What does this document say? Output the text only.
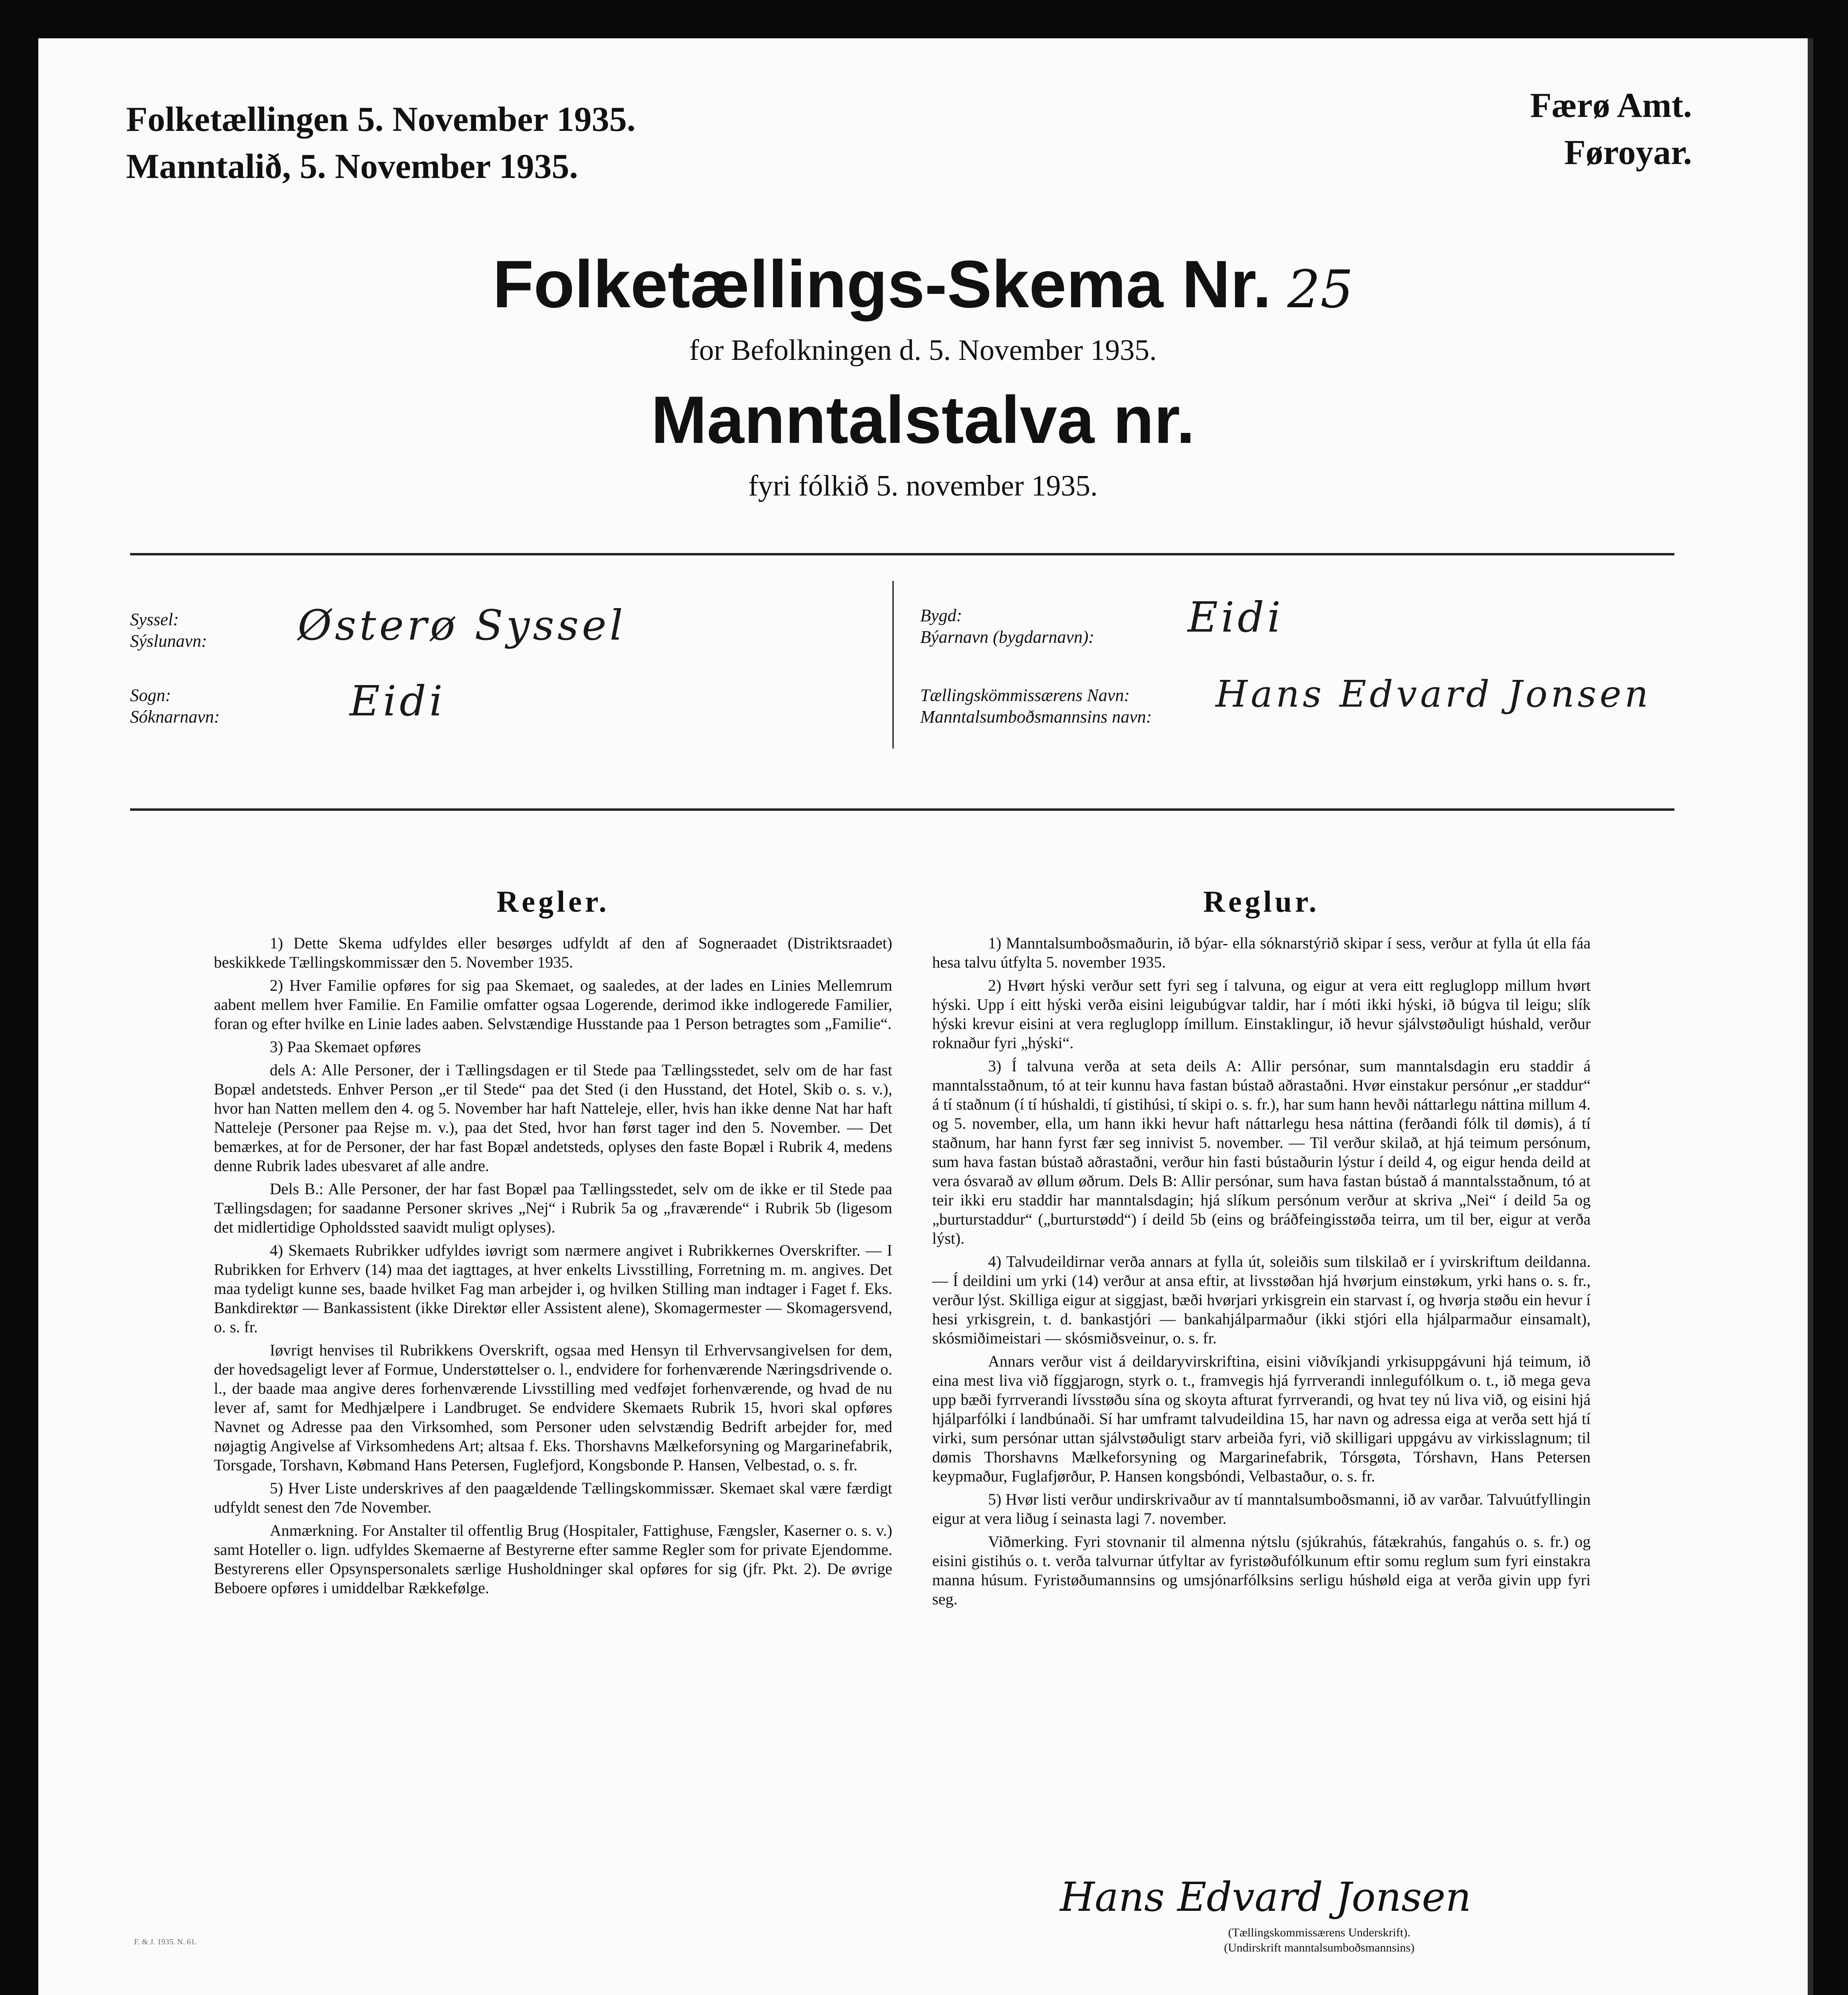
Folketællingen 5. November 1935.
Manntalið, 5. November 1935.
Færø Amt.
Føroyar.
Folketællings-Skema Nr. 25
for Befolkningen d. 5. November 1935.
Manntalstalva nr.
fyri fólkið 5. november 1935.
Syssel:
Sýslunavn: Østerø Syssel
Sogn:
Sóknarnavn:	Eidi
Bygd:
Býarnavn (bygdarnavn): Eidi
Tællingskömmissærens Navn:
Manntalsumboðsmannsins navn:
Hans Edvard Jonsen
Regler.

1) Dette Skema udfyldes eller besørges udfyldt af den af Sogneraadet (Distriktsraadet) beskikkede Tællingskommissær den 5. November 1935.

2) Hver Familie opføres for sig paa Skemaet, og saaledes, at der lades en Linies Mellemrum aabent mellem hver Familie. En Familie omfatter ogsaa Logerende, derimod ikke indlogerede Familier, foran og efter hvilke en Linie lades aaben. Selvstændige Husstande paa 1 Person betragtes som „Familie“.

3) Paa Skemaet opføres

dels A: Alle Personer, der i Tællingsdagen er til Stede paa Tællingsstedet, selv om de har fast Bopæl andetsteds. Enhver Person „er til Stede“ paa det Sted (i den Husstand, det Hotel, Skib o. s. v.), hvor han Natten mellem den 4. og 5. November har haft Natteleje, eller, hvis han ikke denne Nat har haft Natteleje (Personer paa Rejse m. v.), paa det Sted, hvor han først tager ind den 5. November. — Det bemærkes, at for de Personer, der har fast Bopæl andetsteds, oplyses den faste Bopæl i Rubrik 4, medens denne Rubrik lades ubesvaret af alle andre.

Dels B.: Alle Personer, der har fast Bopæl paa Tællingsstedet, selv om de ikke er til Stede paa Tællingsdagen; for saadanne Personer skrives „Nej“ i Rubrik 5a og „fraværende“ i Rubrik 5b (ligesom det midlertidige Opholdssted saavidt muligt oplyses).

4) Skemaets Rubrikker udfyldes iøvrigt som nærmere angivet i Rubrikkernes Overskrifter. — I Rubrikken for Erhverv (14) maa det iagttages, at hver enkelts Livsstilling, Forretning m. m. angives. Det maa tydeligt kunne ses, baade hvilket Fag man arbejder i, og hvilken Stilling man indtager i Faget f. Eks. Bankdirektør — Bankassistent (ikke Direktør eller Assistent alene), Skomagermester — Skomagersvend, o. s. fr.

Iøvrigt henvises til Rubrikkens Overskrift, ogsaa med Hensyn til Erhvervsangivelsen for dem, der hovedsageligt lever af Formue, Understøttelser o. l., endvidere for forhenværende Næringsdrivende o. l., der baade maa angive deres forhenværende Livsstilling med vedføjet forhenværende, og hvad de nu lever af, samt for Medhjælpere i Landbruget. Se endvidere Skemaets Rubrik 15, hvori skal opføres Navnet og Adresse paa den Virksomhed, som Personer uden selvstændig Bedrift arbejder for, med nøjagtig Angivelse af Virksomhedens Art; altsaa f. Eks. Thorshavns Mælkeforsyning og Margarinefabrik, Torsgade, Torshavn, Købmand Hans Petersen, Fuglefjord, Kongsbonde P. Hansen, Velbestad, o. s. fr.

5) Hver Liste underskrives af den paagældende Tællingskommissær. Skemaet skal være færdigt udfyldt senest den 7de November.

Anmærkning. For Anstalter til offentlig Brug (Hospitaler, Fattighuse, Fængsler, Kaserner o. s. v.) samt Hoteller o. lign. udfyldes Skemaerne af Bestyrerne efter samme Regler som for private Ejendomme. Bestyrerens eller Opsynspersonalets særlige Husholdninger skal opføres for sig (jfr. Pkt. 2). De øvrige Beboere opføres i umiddelbar Rækkefølge.

Reglur.

1) Manntalsumboðsmaðurin, ið býar- ella sóknarstýrið skipar í sess, verður at fylla út ella fáa hesa talvu útfylta 5. november 1935.

2) Hvørt hýski verður sett fyri seg í talvuna, og eigur at vera eitt regluglopp millum hvørt hýski. Upp í eitt hýski verða eisini leigubúgvar taldir, har í móti ikki hýski, ið búgva til leigu; slík hýski krevur eisini at vera regluglopp ímillum. Einstaklingur, ið hevur sjálvstøðuligt húshald, verður roknaður fyri „hýski“.

3) Í talvuna verða at seta deils A: Allir persónar, sum manntalsdagin eru staddir á manntalsstaðnum, tó at teir kunnu hava fastan bústað aðrastaðni. Hvør einstakur persónur „er staddur“ á tí staðnum (í tí húshaldi, tí gistihúsi, tí skipi o. s. fr.), har sum hann hevði náttarlegu náttina millum 4. og 5. november, ella, um hann ikki hevur haft náttarlegu hesa náttina (ferðandi fólk til dømis), á tí staðnum, har hann fyrst fær seg innivist 5. november. — Til verður skilað, at hjá teimum persónum, sum hava fastan bústað aðrastaðni, verður hin fasti bústaðurin lýstur í deild 4, og eigur henda deild at vera ósvarað av øllum øðrum. Dels B: Allir persónar, sum hava fastan bústað á manntalsstaðnum, tó at teir ikki eru staddir har manntalsdagin; hjá slíkum persónum verður at skriva „Nei“ í deild 5a og „burturstaddur“ („burturstødd“) í deild 5b (eins og bráðfeingisstøða teirra, um til ber, eigur at verða lýst).

4) Talvudeildirnar verða annars at fylla út, soleiðis sum tilskilað er í yvirskriftum deildanna. — Í deildini um yrki (14) verður at ansa eftir, at livsstøðan hjá hvørjum einstøkum, yrki hans o. s. fr., verður lýst. Skilliga eigur at siggjast, bæði hvørjari yrkisgrein ein starvast í, og hvørja støðu ein hevur í hesi yrkisgrein, t. d. bankastjóri — bankahjálparmaður (ikki stjóri ella hjálparmaður einsamalt), skósmiðimeistari — skósmiðsveinur, o. s. fr.

Annars verður vist á deildaryvirskriftina, eisini viðvíkjandi yrkisuppgávuni hjá teimum, ið eina mest liva við fíggjarogn, styrk o. t., framvegis hjá fyrrverandi innlegufólkum o. t., ið mega geva upp bæði fyrrverandi lívsstøðu sína og skoyta afturat fyrrverandi, og hvat tey nú liva við, og eisini hjá hjálparfólki í landbúnaði. Sí har umframt talvudeildina 15, har navn og adressa eiga at verða sett hjá tí virki, sum persónar uttan sjálvstøðuligt starv arbeiða fyri, við skilligari uppgávu av virkisslagnum; til dømis Thorshavns Mælkeforsyning og Margarinefabrik, Tórsgøta, Tórshavn, Hans Petersen keypmaður, Fuglafjørður, P. Hansen kongsbóndi, Velbastaður, o. s. fr.

5) Hvør listi verður undirskrivaður av tí manntalsumboðsmanni, ið av varðar. Talvuútfyllingin eigur at vera liðug í seinasta lagi 7. november.

Viðmerking. Fyri stovnanir til almenna nýtslu (sjúkrahús, fátækrahús, fangahús o. s. fr.) og eisini gistihús o. t. verða talvurnar útfyltar av fyristøðufólkunum eftir somu reglum sum fyri einstakra manna húsum. Fyristøðumannsins og umsjónarfólksins serligu húshøld eiga at verða givin upp fyri seg.

Hans Edvard Jonsen
(Tællingskommissærens Underskrift).
(Undirskrift manntalsumboðsmannsins)
F. & J. 1935. N. 61.
